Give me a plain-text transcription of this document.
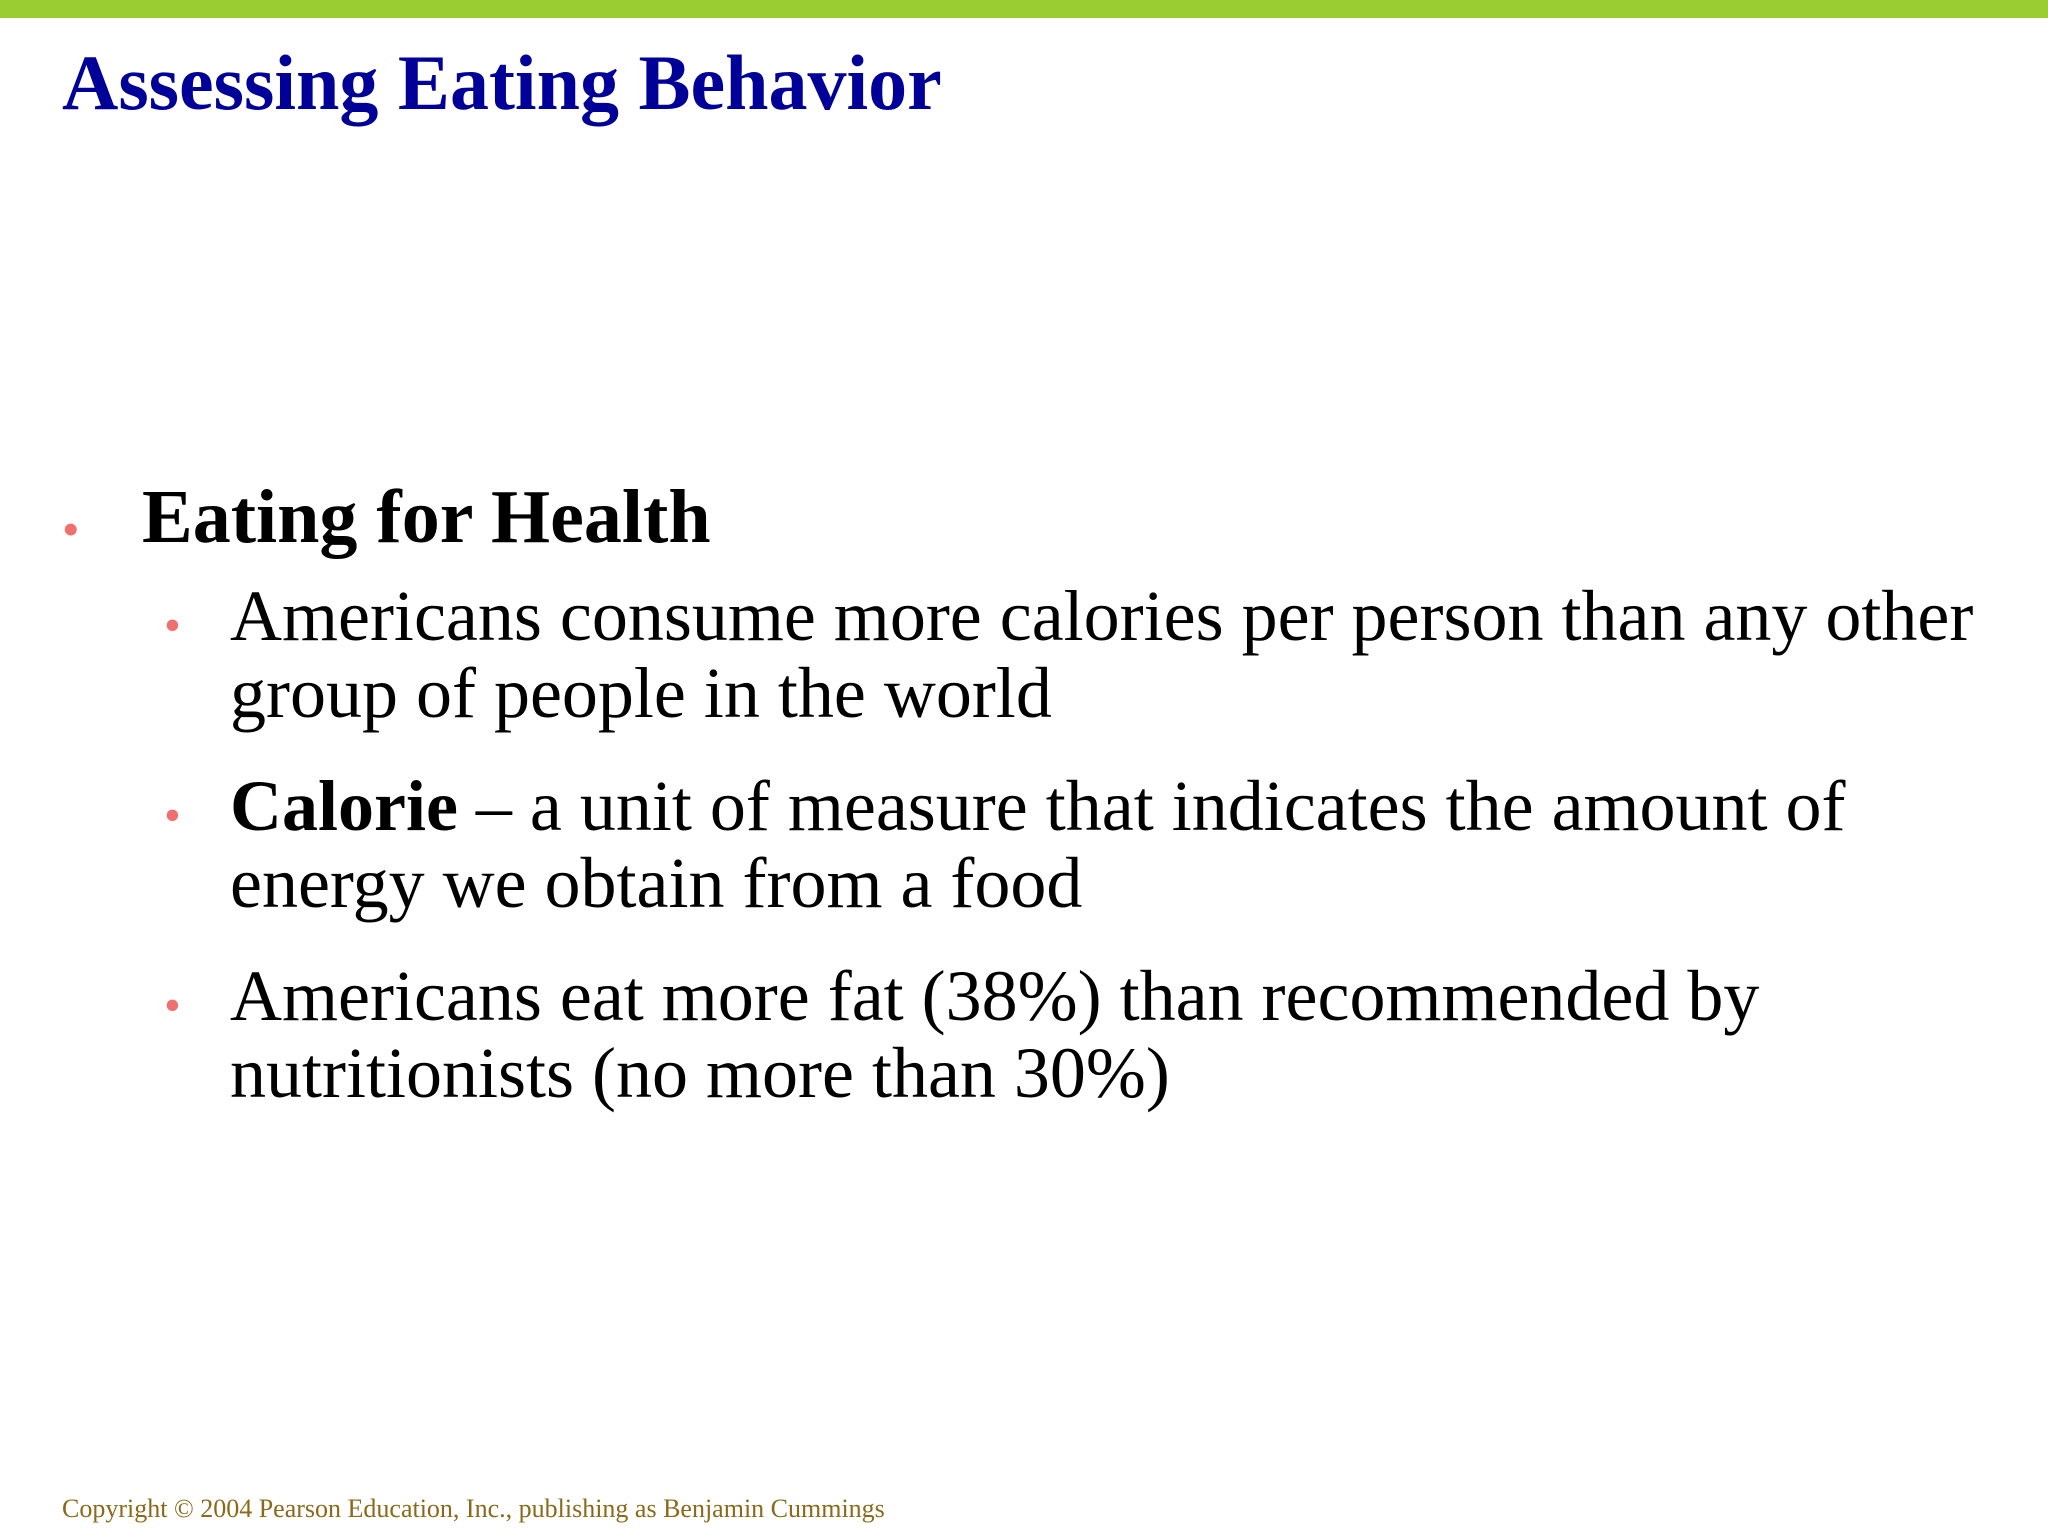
Assessing Eating Behavior
• Eating for Health
• Americans consume more calories per person than any other group of people in the world
• Calorie – a unit of measure that indicates the amount of energy we obtain from a food
• Americans eat more fat (38%) than recommended by nutritionists (no more than 30%)
Copyright © 2004 Pearson Education, Inc., publishing as Benjamin Cummings
